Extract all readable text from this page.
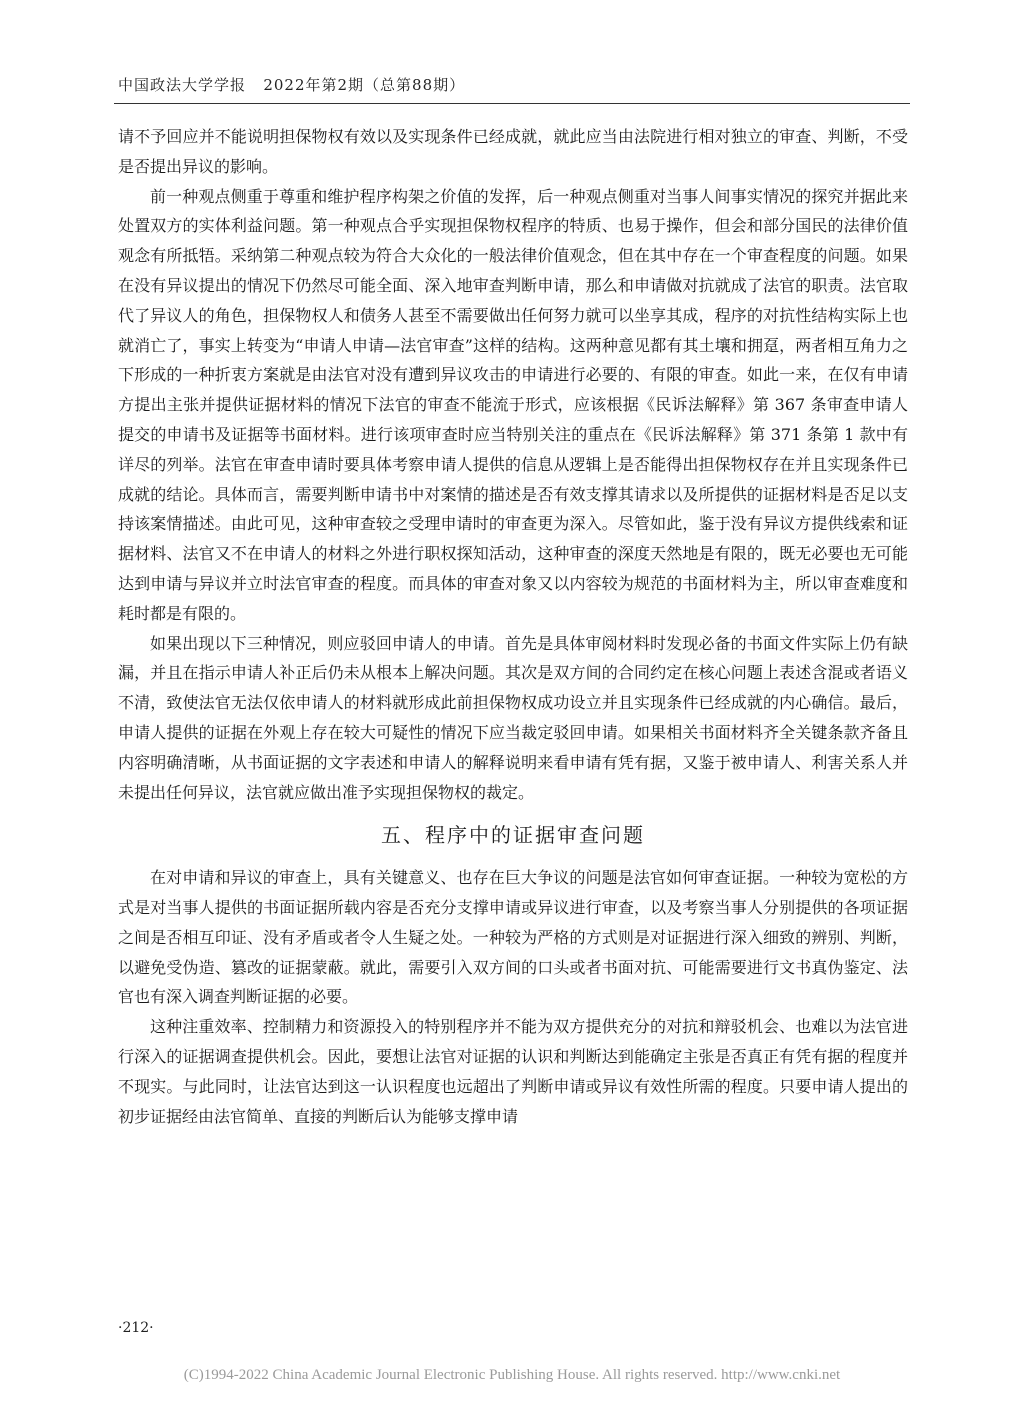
中国政法大学学报 2022年第2期（总第88期）

请不予回应并不能说明担保物权有效以及实现条件已经成就，就此应当由法院进行相对独立的审查、判断，不受是否提出异议的影响。

前一种观点侧重于尊重和维护程序构架之价值的发挥，后一种观点侧重对当事人间事实情况的探究并据此来处置双方的实体利益问题。第一种观点合乎实现担保物权程序的特质、也易于操作，但会和部分国民的法律价值观念有所抵牾。采纳第二种观点较为符合大众化的一般法律价值观念，但在其中存在一个审查程度的问题。如果在没有异议提出的情况下仍然尽可能全面、深入地审查判断申请，那么和申请做对抗就成了法官的职责。法官取代了异议人的角色，担保物权人和债务人甚至不需要做出任何努力就可以坐享其成，程序的对抗性结构实际上也就消亡了，事实上转变为“申请人申请—法官审查”这样的结构。这两种意见都有其土壤和拥趸，两者相互角力之下形成的一种折衷方案就是由法官对没有遭到异议攻击的申请进行必要的、有限的审查。如此一来，在仅有申请方提出主张并提供证据材料的情况下法官的审查不能流于形式，应该根据《民诉法解释》第 367 条审查申请人提交的申请书及证据等书面材料。进行该项审查时应当特别关注的重点在《民诉法解释》第 371 条第 1 款中有详尽的列举。法官在审查申请时要具体考察申请人提供的信息从逻辑上是否能得出担保物权存在并且实现条件已成就的结论。具体而言，需要判断申请书中对案情的描述是否有效支撑其请求以及所提供的证据材料是否足以支持该案情描述。由此可见，这种审查较之受理申请时的审查更为深入。尽管如此，鉴于没有异议方提供线索和证据材料、法官又不在申请人的材料之外进行职权探知活动，这种审查的深度天然地是有限的，既无必要也无可能达到申请与异议并立时法官审查的程度。而具体的审查对象又以内容较为规范的书面材料为主，所以审查难度和耗时都是有限的。

如果出现以下三种情况，则应驳回申请人的申请。首先是具体审阅材料时发现必备的书面文件实际上仍有缺漏，并且在指示申请人补正后仍未从根本上解决问题。其次是双方间的合同约定在核心问题上表述含混或者语义不清，致使法官无法仅依申请人的材料就形成此前担保物权成功设立并且实现条件已经成就的内心确信。最后，申请人提供的证据在外观上存在较大可疑性的情况下应当裁定驳回申请。如果相关书面材料齐全关键条款齐备且内容明确清晰，从书面证据的文字表述和申请人的解释说明来看申请有凭有据，又鉴于被申请人、利害关系人并未提出任何异议，法官就应做出准予实现担保物权的裁定。

五、程序中的证据审查问题

在对申请和异议的审查上，具有关键意义、也存在巨大争议的问题是法官如何审查证据。一种较为宽松的方式是对当事人提供的书面证据所载内容是否充分支撑申请或异议进行审查，以及考察当事人分别提供的各项证据之间是否相互印证、没有矛盾或者令人生疑之处。一种较为严格的方式则是对证据进行深入细致的辨别、判断，以避免受伪造、篡改的证据蒙蔽。就此，需要引入双方间的口头或者书面对抗、可能需要进行文书真伪鉴定、法官也有深入调查判断证据的必要。

这种注重效率、控制精力和资源投入的特别程序并不能为双方提供充分的对抗和辩驳机会、也难以为法官进行深入的证据调查提供机会。因此，要想让法官对证据的认识和判断达到能确定主张是否真正有凭有据的程度并不现实。与此同时，让法官达到这一认识程度也远超出了判断申请或异议有效性所需的程度。只要申请人提出的初步证据经由法官简单、直接的判断后认为能够支撑申请

·212·
(C)1994-2022 China Academic Journal Electronic Publishing House. All rights reserved. http://www.cnki.net
